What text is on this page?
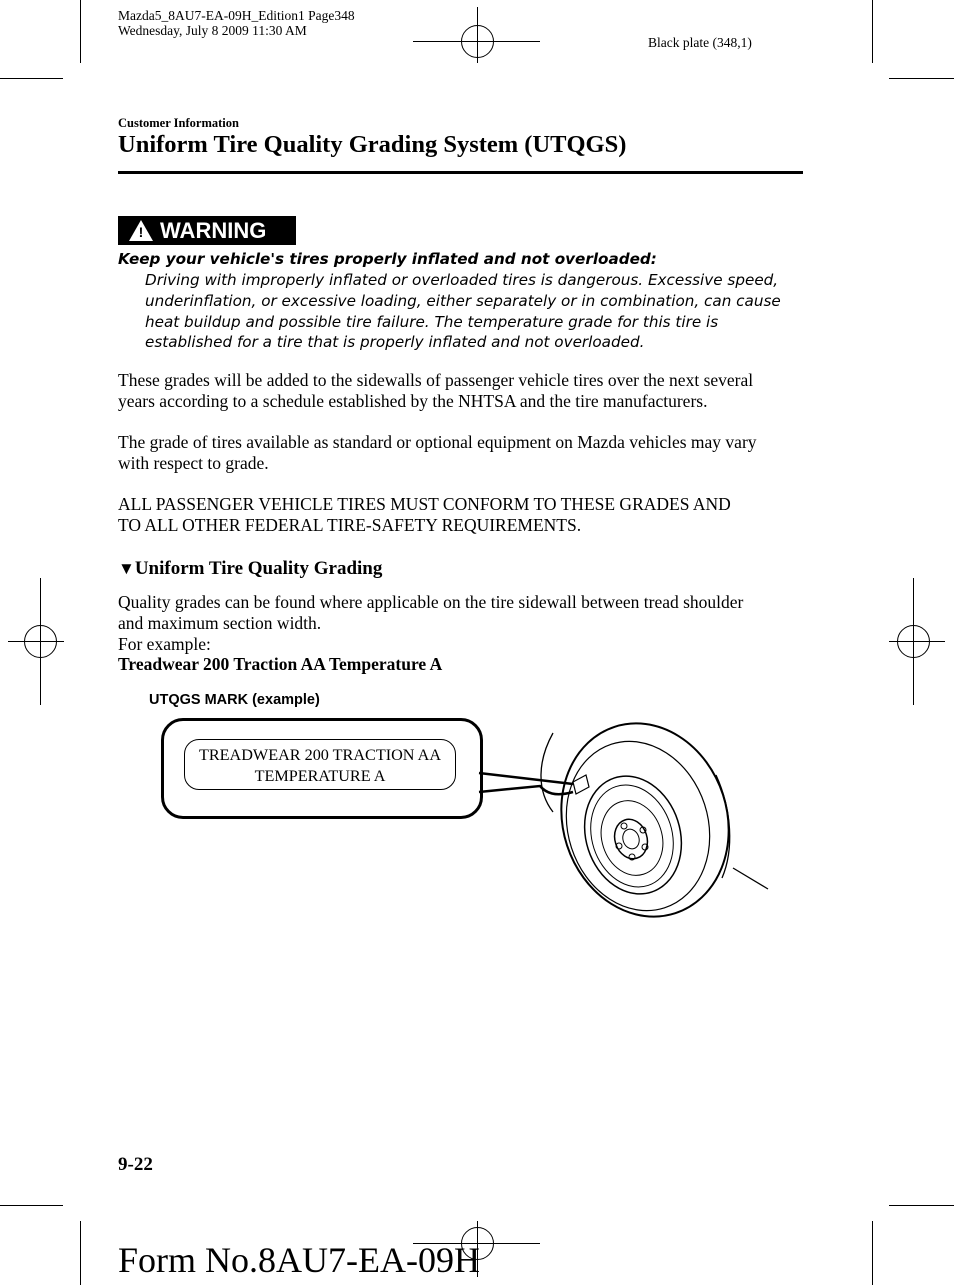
Mazda5_8AU7-EA-09H_Edition1 Page348
Wednesday, July 8 2009 11:30 AM
Black plate (348,1)
Customer Information
Uniform Tire Quality Grading System (UTQGS)
! WARNING
Keep your vehicle's tires properly inflated and not overloaded:
Driving with improperly inflated or overloaded tires is dangerous. Excessive speed,
underinflation, or excessive loading, either separately or in combination, can cause
heat buildup and possible tire failure. The temperature grade for this tire is
established for a tire that is properly inflated and not overloaded.
These grades will be added to the sidewalls of passenger vehicle tires over the next several
years according to a schedule established by the NHTSA and the tire manufacturers.
The grade of tires available as standard or optional equipment on Mazda vehicles may vary
with respect to grade.
ALL PASSENGER VEHICLE TIRES MUST CONFORM TO THESE GRADES AND
TO ALL OTHER FEDERAL TIRE-SAFETY REQUIREMENTS.
▼Uniform Tire Quality Grading
Quality grades can be found where applicable on the tire sidewall between tread shoulder
and maximum section width.
For example:
Treadwear 200 Traction AA Temperature A
UTQGS MARK (example)
TREADWEAR 200 TRACTION AA
TEMPERATURE A
9-22
Form No.8AU7-EA-09H
